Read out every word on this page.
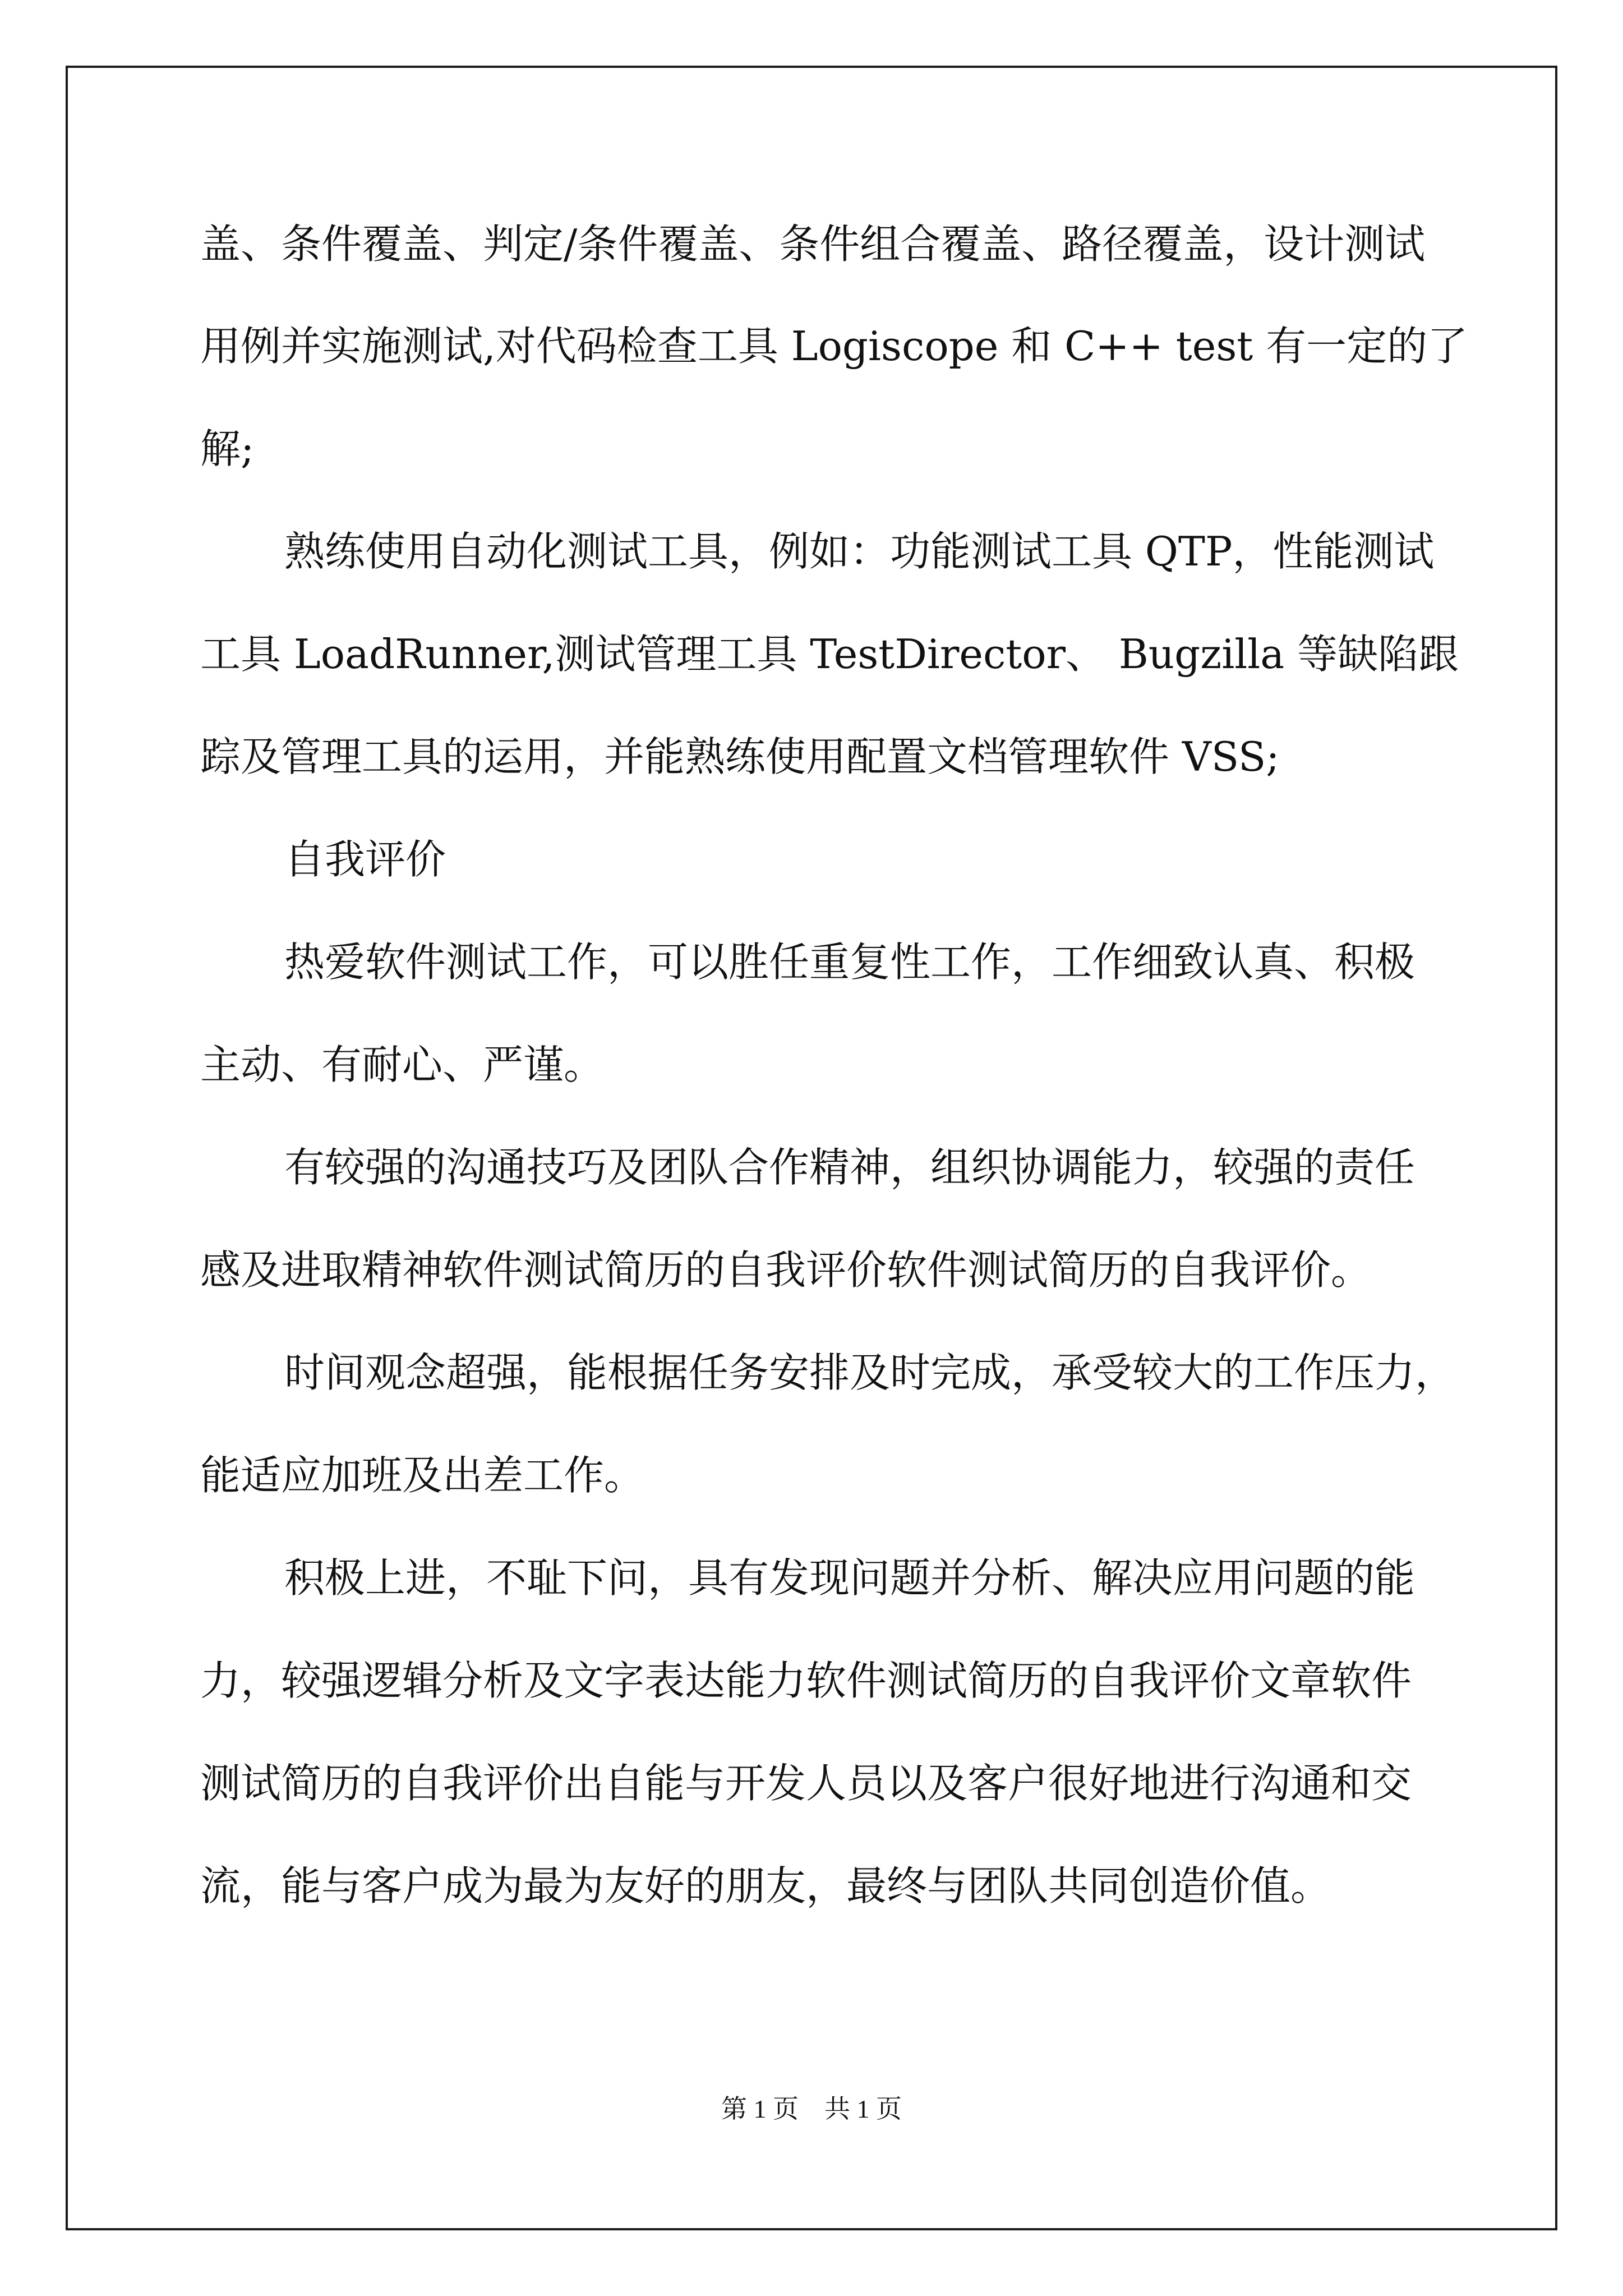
盖、条件覆盖、判定/条件覆盖、条件组合覆盖、路径覆盖，设计测试
用例并实施测试,对代码检查工具 Logiscope 和 C++ test 有一定的了
解;
熟练使用自动化测试工具，例如：功能测试工具 QTP，性能测试
工具 LoadRunner,测试管理工具 TestDirector、 Bugzilla 等缺陷跟
踪及管理工具的运用，并能熟练使用配置文档管理软件 VSS;
自我评价
热爱软件测试工作，可以胜任重复性工作，工作细致认真、积极
主动、有耐心、严谨。
有较强的沟通技巧及团队合作精神，组织协调能力，较强的责任
感及进取精神软件测试简历的自我评价软件测试简历的自我评价。
时间观念超强，能根据任务安排及时完成，承受较大的工作压力，
能适应加班及出差工作。
积极上进，不耻下问，具有发现问题并分析、解决应用问题的能
力，较强逻辑分析及文字表达能力软件测试简历的自我评价文章软件
测试简历的自我评价出自能与开发人员以及客户很好地进行沟通和交
流，能与客户成为最为友好的朋友，最终与团队共同创造价值。
第 1 页　共 1 页
